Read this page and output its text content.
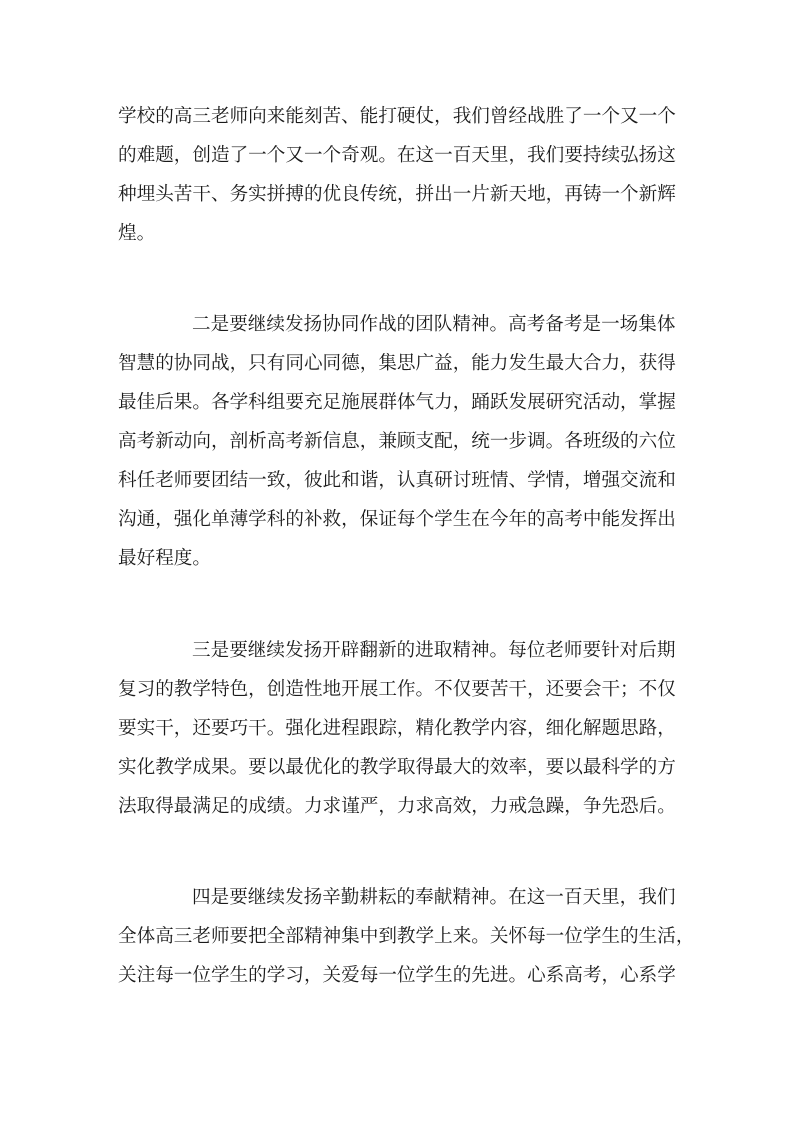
学校的高三老师向来能刻苦、能打硬仗，我们曾经战胜了一个又一个
的难题，创造了一个又一个奇观。在这一百天里，我们要持续弘扬这
种埋头苦干、务实拼搏的优良传统，拼出一片新天地，再铸一个新辉
煌。
二是要继续发扬协同作战的团队精神。高考备考是一场集体
智慧的协同战，只有同心同德，集思广益，能力发生最大合力，获得
最佳后果。各学科组要充足施展群体气力，踊跃发展研究活动，掌握
高考新动向，剖析高考新信息，兼顾支配，统一步调。各班级的六位
科任老师要团结一致，彼此和谐，认真研讨班情、学情，增强交流和
沟通，强化单薄学科的补救，保证每个学生在今年的高考中能发挥出
最好程度。
三是要继续发扬开辟翻新的进取精神。每位老师要针对后期
复习的教学特色，创造性地开展工作。不仅要苦干，还要会干；不仅
要实干，还要巧干。强化进程跟踪，精化教学内容，细化解题思路，
实化教学成果。要以最优化的教学取得最大的效率，要以最科学的方
法取得最满足的成绩。力求谨严，力求高效，力戒急躁，争先恐后。
四是要继续发扬辛勤耕耘的奉献精神。在这一百天里，我们
全体高三老师要把全部精神集中到教学上来。关怀每一位学生的生活，
关注每一位学生的学习，关爱每一位学生的先进。心系高考，心系学
